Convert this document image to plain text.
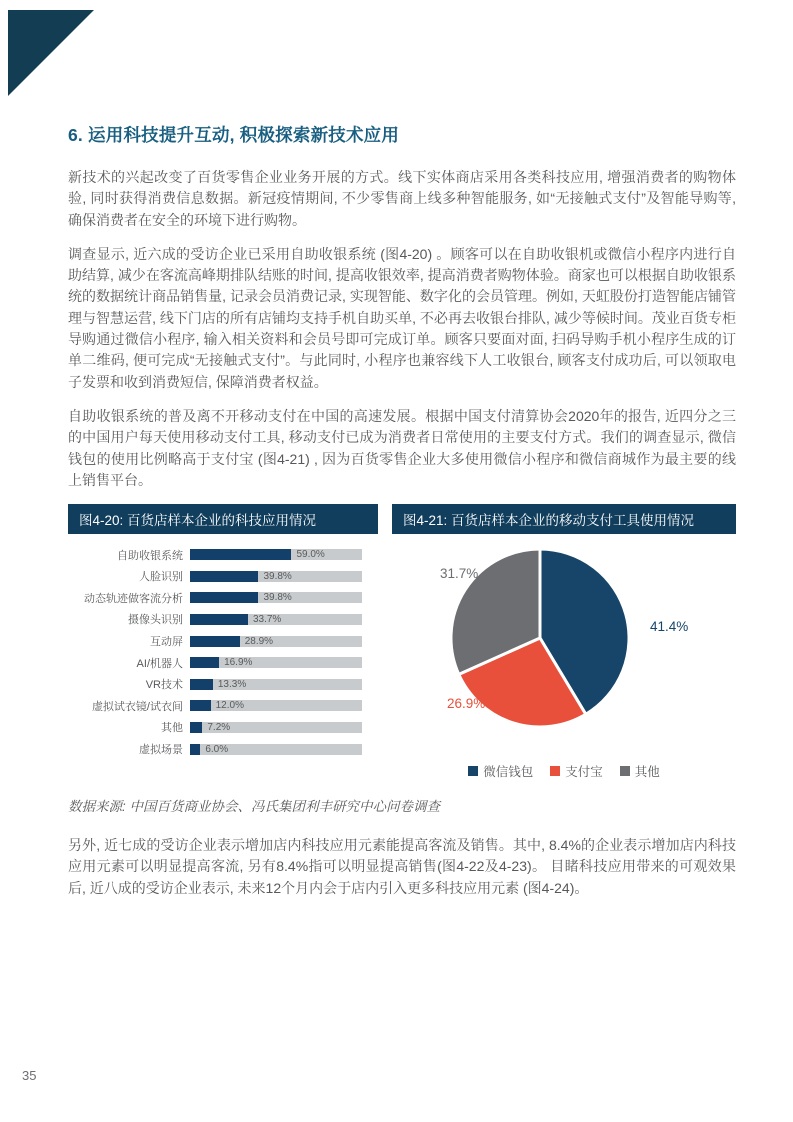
6. 运用科技提升互动, 积极探索新技术应用

新技术的兴起改变了百货零售企业业务开展的方式。线下实体商店采用各类科技应用, 增强消费者的购物体验, 同时获得消费信息数据。新冠疫情期间, 不少零售商上线多种智能服务, 如“无接触式支付”及智能导购等, 确保消费者在安全的环境下进行购物。

调查显示, 近六成的受访企业已采用自助收银系统 (图4-20) 。顾客可以在自助收银机或微信小程序内进行自助结算, 减少在客流高峰期排队结账的时间, 提高收银效率, 提高消费者购物体验。商家也可以根据自助收银系统的数据统计商品销售量, 记录会员消费记录, 实现智能、数字化的会员管理。例如, 天虹股份打造智能店铺管理与智慧运营, 线下门店的所有店铺均支持手机自助买单, 不必再去收银台排队, 减少等候时间。茂业百货专柜导购通过微信小程序, 输入相关资料和会员号即可完成订单。顾客只要面对面, 扫码导购手机小程序生成的订单二维码, 便可完成“无接触式支付”。与此同时, 小程序也兼容线下人工收银台, 顾客支付成功后, 可以领取电子发票和收到消费短信, 保障消费者权益。

自助收银系统的普及离不开移动支付在中国的高速发展。根据中国支付清算协会2020年的报告, 近四分之三的中国用户每天使用移动支付工具, 移动支付已成为消费者日常使用的主要支付方式。我们的调查显示, 微信钱包的使用比例略高于支付宝 (图4-21) , 因为百货零售企业大多使用微信小程序和微信商城作为最主要的线上销售平台。

图4-20: 百货店样本企业的科技应用情况
自助收银系统	59.0%
人脸识别	39.8%
动态轨迹做客流分析	39.8%
摄像头识别	33.7%
互动屏	28.9%
AI/机器人	16.9%
VR技术	13.3%
虚拟试衣镜/试衣间	12.0%
其他	7.2%
虚拟场景	6.0%
图4-21: 百货店样本企业的移动支付工具使用情况
41.4%
26.9%
31.7%
微信钱包	支付宝	其他

数据来源: 中国百货商业协会、冯氏集团利丰研究中心问卷调查

另外, 近七成的受访企业表示增加店内科技应用元素能提高客流及销售。其中, 8.4%的企业表示增加店内科技应用元素可以明显提高客流, 另有8.4%指可以明显提高销售(图4-22及4-23)。 目睹科技应用带来的可观效果后, 近八成的受访企业表示, 未来12个月内会于店内引入更多科技应用元素 (图4-24)。

35
